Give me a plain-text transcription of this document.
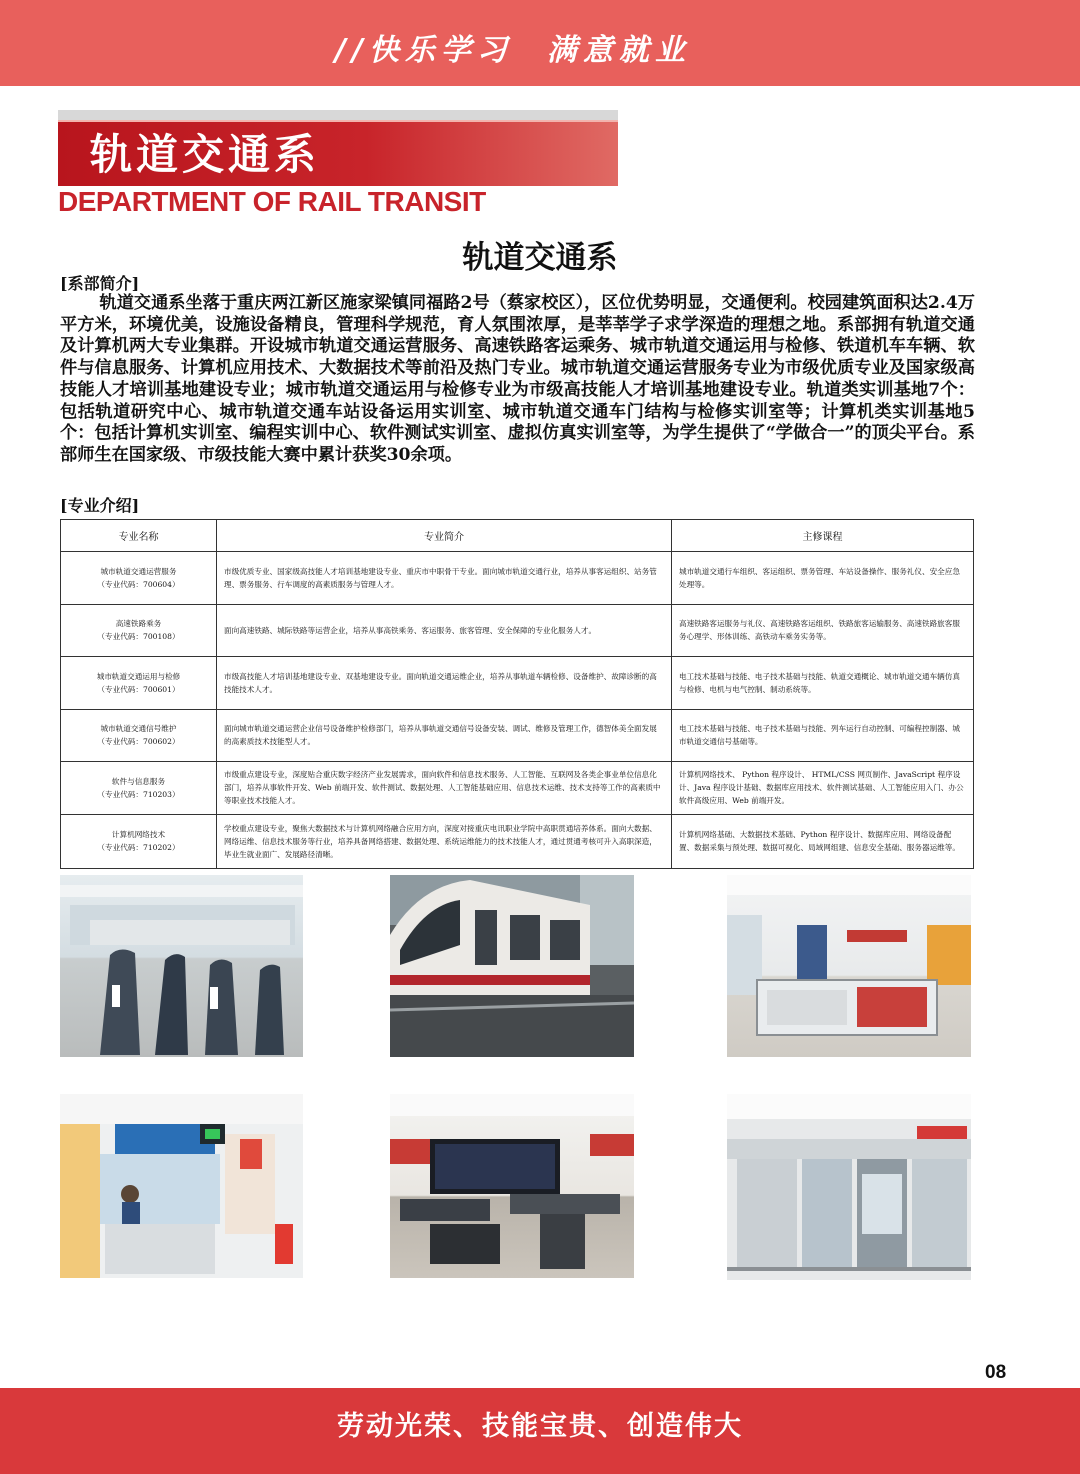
//快乐学习 满意就业
轨道交通系
DEPARTMENT OF RAIL TRANSIT
轨道交通系
[系部简介]
轨道交通系坐落于重庆两江新区施家梁镇同福路2号（蔡家校区），区位优势明显，交通便利。校园建筑面积达2.4万平方米，环境优美，设施设备精良，管理科学规范，育人氛围浓厚，是莘莘学子求学深造的理想之地。系部拥有轨道交通及计算机两大专业集群。开设城市轨道交通运营服务、高速铁路客运乘务、城市轨道交通运用与检修、铁道机车车辆、软件与信息服务、计算机应用技术、大数据技术等前沿及热门专业。城市轨道交通运营服务专业为市级优质专业及国家级高技能人才培训基地建设专业；城市轨道交通运用与检修专业为市级高技能人才培训基地建设专业。轨道类实训基地7个：包括轨道研究中心、城市轨道交通车站设备运用实训室、城市轨道交通车门结构与检修实训室等；计算机类实训基地5个：包括计算机实训室、编程实训中心、软件测试实训室、虚拟仿真实训室等，为学生提供了“学做合一”的顶尖平台。系部师生在国家级、市级技能大赛中累计获奖30余项。
[专业介绍]
专业名称	专业简介	主修课程
城市轨道交通运营服务
（专业代码：700604）	市级优质专业、国家级高技能人才培训基地建设专业、重庆市中职骨干专业。面向城市轨道交通行业，培养从事客运组织、站务管理、票务服务、行车调度的高素质服务与管理人才。	城市轨道交通行车组织、客运组织、票务管理、车站设备操作、服务礼仪、安全应急处理等。
高速铁路乘务
（专业代码：700108）	面向高速铁路、城际铁路等运营企业，培养从事高铁乘务、客运服务、旅客管理、安全保障的专业化服务人才。	高速铁路客运服务与礼仪、高速铁路客运组织、铁路旅客运输服务、高速铁路旅客服务心理学、形体训练、高铁动车乘务实务等。
城市轨道交通运用与检修
（专业代码：700601）	市级高技能人才培训基地建设专业、双基地建设专业。面向轨道交通运维企业，培养从事轨道车辆检修、设备维护、故障诊断的高技能技术人才。	电工技术基础与技能、电子技术基础与技能、轨道交通概论、城市轨道交通车辆仿真与检修、电机与电气控制、制动系统等。
城市轨道交通信号维护
（专业代码：700602）	面向城市轨道交通运营企业信号设备维护检修部门，培养从事轨道交通信号设备安装、调试、维修及管理工作，德智体美全面发展的高素质技术技能型人才。	电工技术基础与技能、电子技术基础与技能、列车运行自动控制、可编程控制器、城市轨道交通信号基础等。
软件与信息服务
（专业代码：710203）	市级重点建设专业，深度贴合重庆数字经济产业发展需求，面向软件和信息技术服务、人工智能、互联网及各类企事业单位信息化部门，培养从事软件开发、Web 前端开发、软件测试、数据处理、人工智能基础应用、信息技术运维、技术支持等工作的高素质中等职业技术技能人才。	计算机网络技术、 Python 程序设计、 HTML/CSS 网页制作、JavaScript 程序设计、Java 程序设计基础、数据库应用技术、软件测试基础、人工智能应用入门、办公软件高级应用、Web 前端开发。
计算机网络技术
（专业代码：710202）	学校重点建设专业，聚焦大数据技术与计算机网络融合应用方向，深度对接重庆电讯职业学院中高职贯通培养体系。面向大数据、网络运维、信息技术服务等行业，培养具备网络搭建、数据处理、系统运维能力的技术技能人才，通过贯通考核可升入高职深造，毕业生就业面广、发展路径清晰。	计算机网络基础、大数据技术基础、Python 程序设计、数据库应用、网络设备配置、数据采集与预处理、数据可视化、局域网组建、信息安全基础、服务器运维等。
08
劳动光荣、技能宝贵、创造伟大
